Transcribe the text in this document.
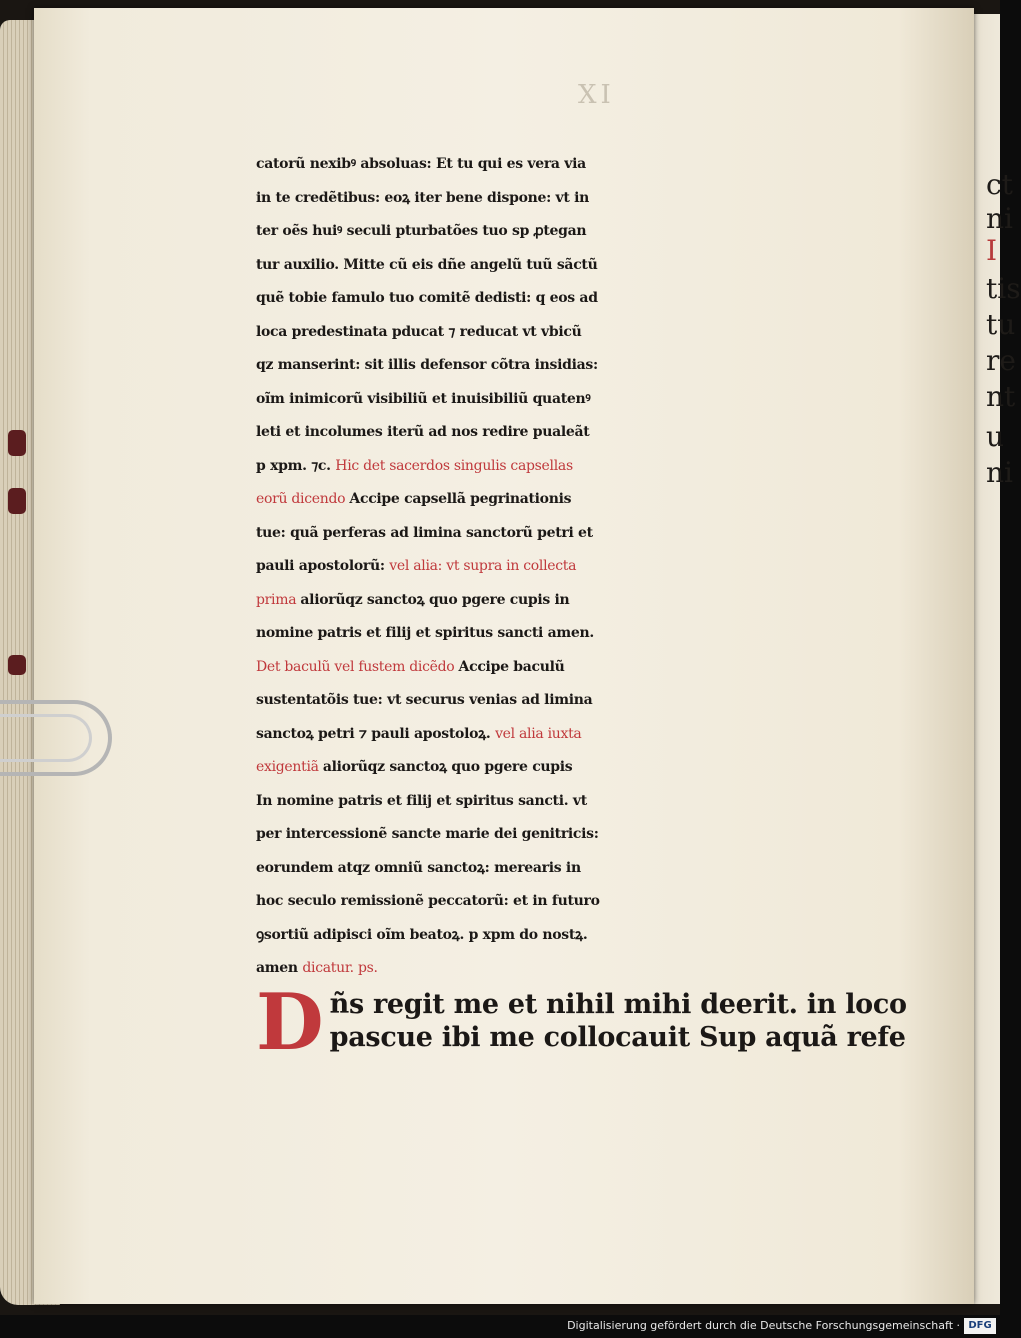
ct
ni
I
tis
tu
re
nt
u
ni
XI
catorũ nexibꝰ absoluas: Et tu qui es vera via
in te credẽtibus: eoꝝ iter bene dispone: vt in
ter oẽs huiꝰ seculi pturbatões tuo sp ꝓtegan
tur auxilio. Mitte cũ eis dñe angelũ tuũ sãctũ
quẽ tobie famulo tuo comitẽ dedisti: q eos ad
loca predestinata pducat ⁊ reducat vt vbicũ
qz manserint: sit illis defensor cõtra insidias:
oĩm inimicorũ visibiliũ et inuisibiliũ quatenꝰ
leti et incolumes iterũ ad nos redire pualeãt
p xpm. ⁊c. Hic det sacerdos singulis capsellas
eorũ dicendo Accipe capsellã pegrinationis
tue: quã perferas ad limina sanctorũ petri et
pauli apostolorũ: vel alia: vt supra in collecta
prima aliorũqz sanctoꝝ quo pgere cupis in
nomine patris et filij et spiritus sancti amen.
Det baculũ vel fustem dicẽdo Accipe baculũ
sustentatõis tue: vt securus venias ad limina
sanctoꝝ petri ⁊ pauli apostoloꝝ. vel alia iuxta
exigentiã aliorũqz sanctoꝝ quo pgere cupis
In nomine patris et filij et spiritus sancti. vt
per intercessionẽ sancte marie dei genitricis:
eorundem atqz omniũ sanctoꝝ: merearis in
hoc seculo remissionẽ peccatorũ: et in futuro
ꝯsortiũ adipisci oĩm beatoꝝ. p xpm do nostꝝ.
amen dicatur. ps.
D ñs regit me et nihil mihi deerit. in loco
pascue ibi me collocauit Sup aquã refe
Digitalisierung gefördert durch die Deutsche Forschungsgemeinschaft · DFG
